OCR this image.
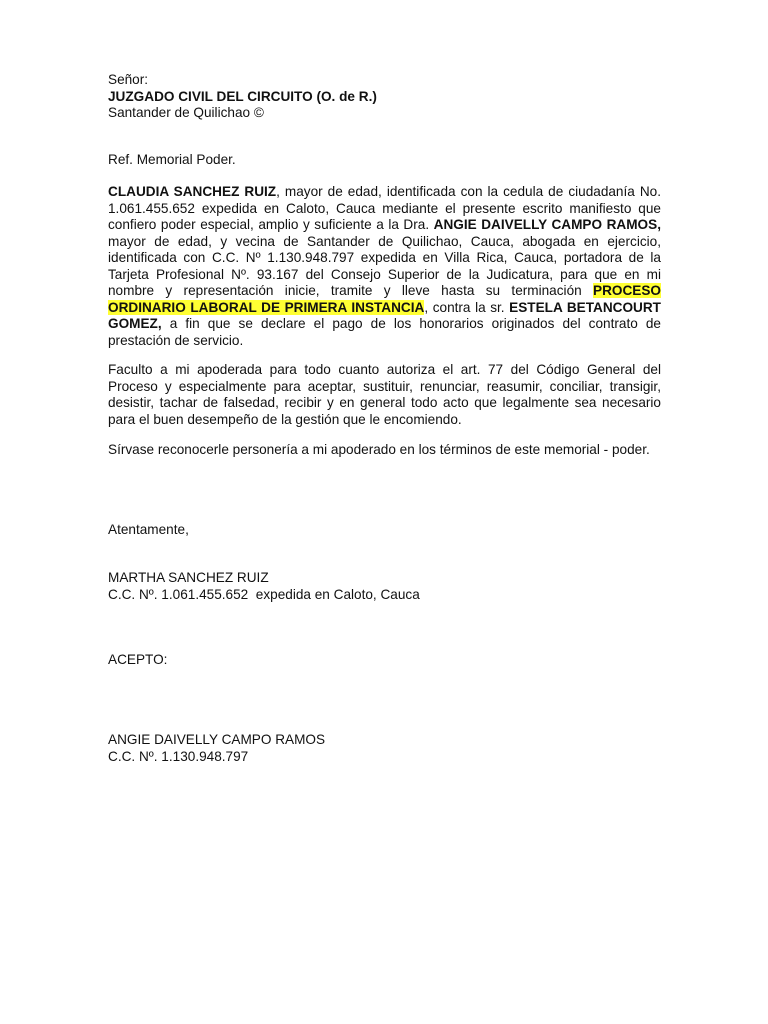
Señor:
JUZGADO CIVIL DEL CIRCUITO (O. de R.)
Santander de Quilichao ©
Ref. Memorial Poder.

CLAUDIA SANCHEZ RUIZ, mayor de edad, identificada con la cedula de ciudadanía No. 1.061.455.652 expedida en Caloto, Cauca mediante el presente escrito manifiesto que confiero poder especial, amplio y suficiente a la Dra. ANGIE DAIVELLY CAMPO RAMOS, mayor de edad, y vecina de Santander de Quilichao, Cauca, abogada en ejercicio, identificada con C.C. Nº 1.130.948.797 expedida en Villa Rica, Cauca, portadora de la Tarjeta Profesional Nº. 93.167 del Consejo Superior de la Judicatura, para que en mi nombre y representación inicie, tramite y lleve hasta su terminación PROCESO ORDINARIO LABORAL DE PRIMERA INSTANCIA, contra la sr. ESTELA BETANCOURT GOMEZ, a fin que se declare el pago de los honorarios originados del contrato de prestación de servicio.

Faculto a mi apoderada para todo cuanto autoriza el art. 77 del Código General del Proceso y especialmente para aceptar, sustituir, renunciar, reasumir, conciliar, transigir, desistir, tachar de falsedad, recibir y en general todo acto que legalmente sea necesario para el buen desempeño de la gestión que le encomiendo.

Sírvase reconocerle personería a mi apoderado en los términos de este memorial - poder.

Atentamente,
MARTHA SANCHEZ RUIZ
C.C. Nº. 1.061.455.652  expedida en Caloto, Cauca
ACEPTO:
ANGIE DAIVELLY CAMPO RAMOS
C.C. Nº. 1.130.948.797
